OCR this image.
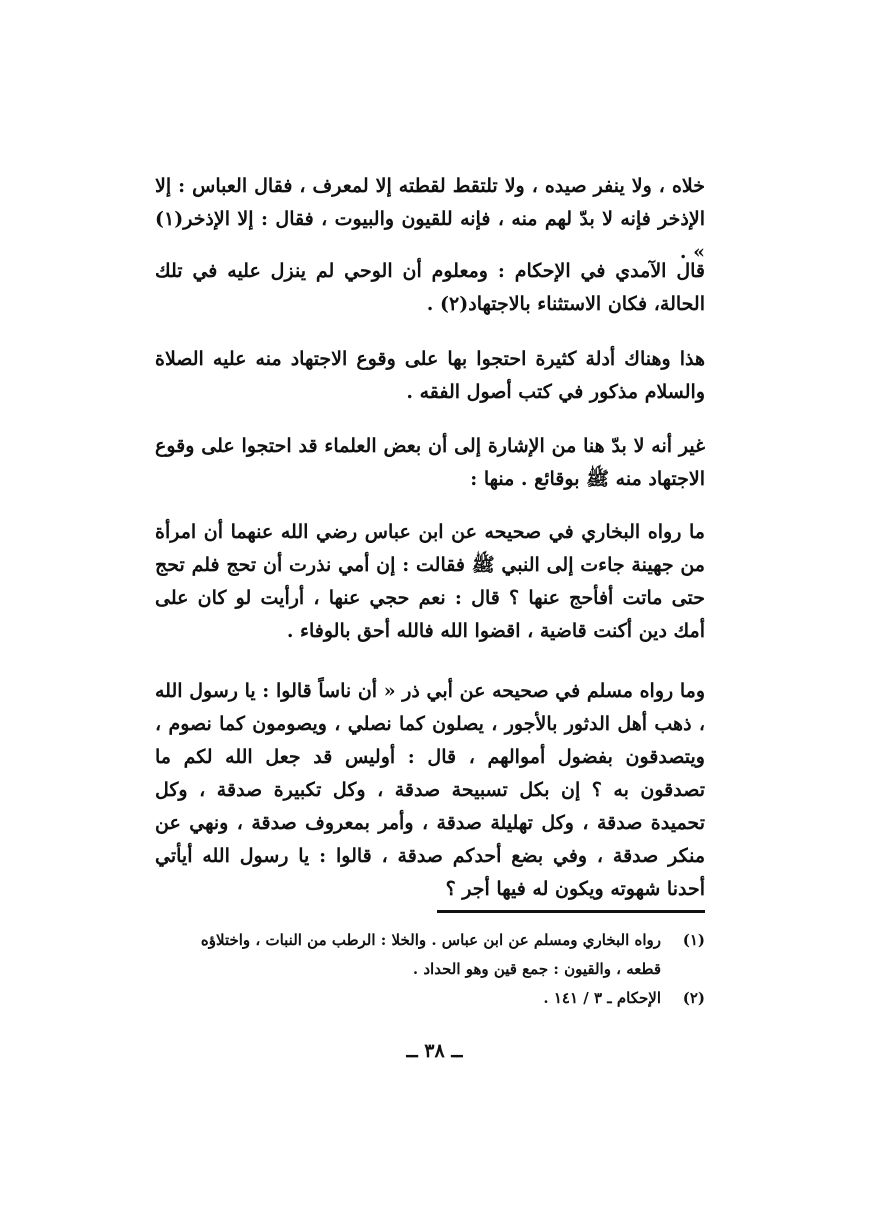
خلاه ، ولا ينفر صيده ، ولا تلتقط لقطته إلا لمعرف ، فقال العباس : إلا الإذخر فإنه لا بدّ لهم منه ، فإنه للقيون والبيوت ، فقال : إلا الإذخر(١) » .

قال الآمدي في الإحكام : ومعلوم أن الوحي لم ينزل عليه في تلك الحالة، فكان الاستثناء بالاجتهاد(٢) .

هذا وهناك أدلة كثيرة احتجوا بها على وقوع الاجتهاد منه عليه الصلاة والسلام مذكور في كتب أصول الفقه .

غير أنه لا بدّ هنا من الإشارة إلى أن بعض العلماء قد احتجوا على وقوع الاجتهاد منه ﷺ بوقائع . منها :

ما رواه البخاري في صحيحه عن ابن عباس رضي الله عنهما أن امرأة من جهينة جاءت إلى النبي ﷺ فقالت : إن أمي نذرت أن تحج فلم تحج حتى ماتت أفأحج عنها ؟ قال : نعم حجي عنها ، أرأيت لو كان على أمك دين أكنت قاضية ، اقضوا الله فالله أحق بالوفاء .

وما رواه مسلم في صحيحه عن أبي ذر « أن ناساً قالوا : يا رسول الله ، ذهب أهل الدثور بالأجور ، يصلون كما نصلي ، ويصومون كما نصوم ، ويتصدقون بفضول أموالهم ، قال : أوليس قد جعل الله لكم ما تصدقون به ؟ إن بكل تسبيحة صدقة ، وكل تكبيرة صدقة ، وكل تحميدة صدقة ، وكل تهليلة صدقة ، وأمر بمعروف صدقة ، ونهي عن منكر صدقة ، وفي بضع أحدكم صدقة ، قالوا : يا رسول الله أيأتي أحدنا شهوته ويكون له فيها أجر ؟

(١)
رواه البخاري ومسلم عن ابن عباس . والخلا : الرطب من النبات ، واختلاؤه
قطعه ، والقيون : جمع قين وهو الحداد .
(٢)
الإحكام ـ ٣ / ١٤١ .
ــ ٣٨ ــ
